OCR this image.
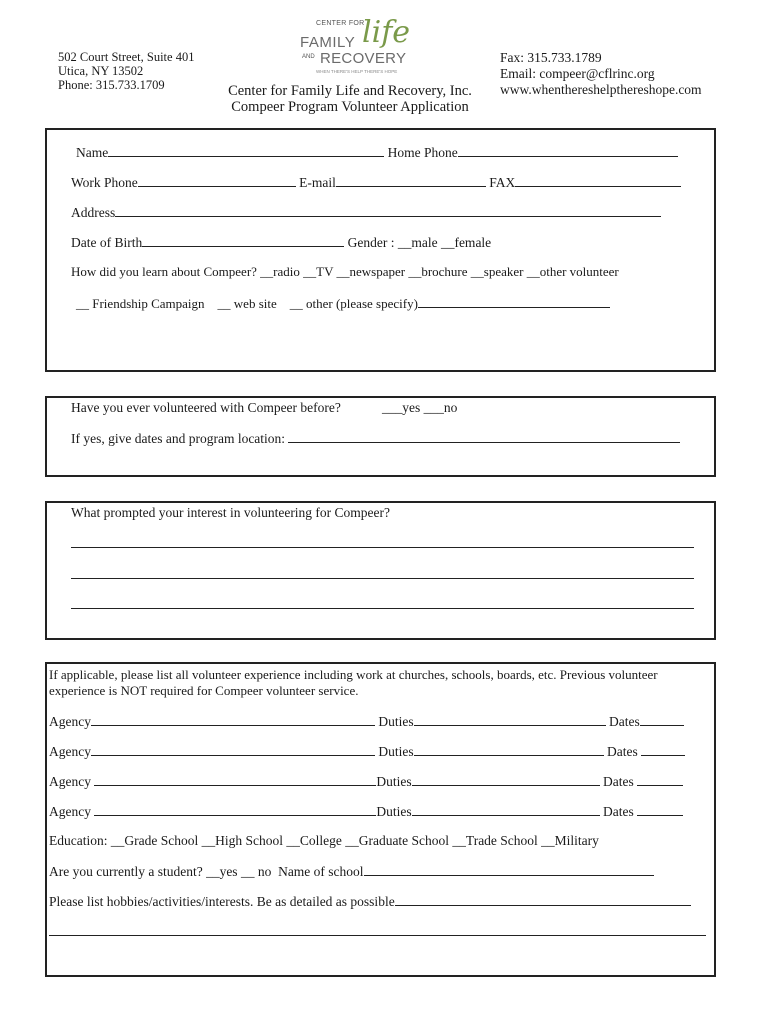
502 Court Street, Suite 401
Utica, NY 13502
Phone: 315.733.1709
CENTER FOR
FAMILY life
AND RECOVERY
WHEN THERE'S HELP THERE'S HOPE
Fax: 315.733.1789
Email: compeer@cflrinc.org
www.whenthereshelpthereshope.com
Center for Family Life and Recovery, Inc.
Compeer Program Volunteer Application
Name	Home Phone
Work Phone	E-mail	FAX
Address
Date of Birth	Gender : __male __female
How did you learn about Compeer? __radio __TV __newspaper __brochure __speaker __other volunteer
__ Friendship Campaign    __ web site    __ other (please specify)
Have you ever volunteered with Compeer before?	___yes ___no
If yes, give dates and program location:
What prompted your interest in volunteering for Compeer?
If applicable, please list all volunteer experience including work at churches, schools, boards, etc. Previous volunteer
experience is NOT required for Compeer volunteer service.
Agency	Duties	Dates
Agency	Duties	Dates
Agency	Duties	Dates
Agency	Duties	Dates
Education: __Grade School __High School __College __Graduate School __Trade School __Military
Are you currently a student? __yes __ no  Name of school
Please list hobbies/activities/interests. Be as detailed as possible
